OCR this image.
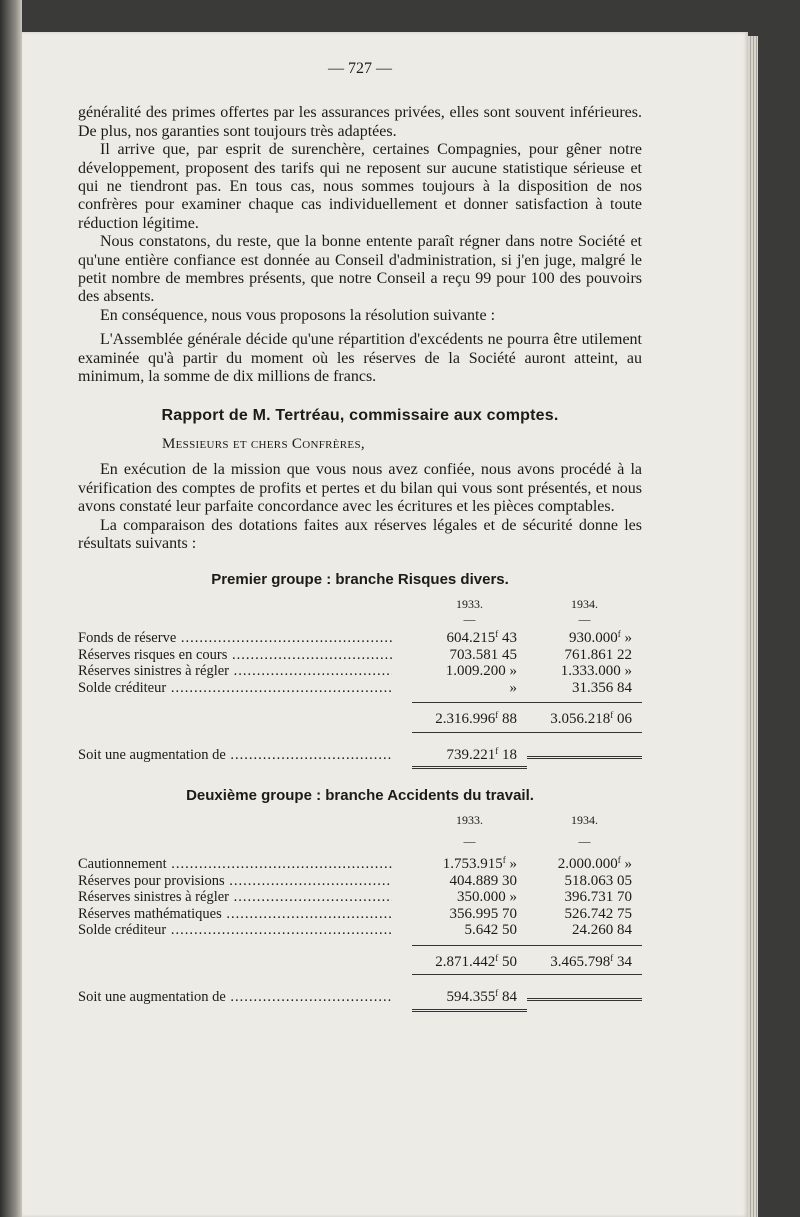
— 727 —

généralité des primes offertes par les assurances privées, elles sont souvent inférieures. De plus, nos garanties sont toujours très adaptées.

Il arrive que, par esprit de surenchère, certaines Compagnies, pour gêner notre développement, proposent des tarifs qui ne reposent sur aucune statistique sérieuse et qui ne tiendront pas. En tous cas, nous sommes toujours à la disposition de nos confrères pour examiner chaque cas individuellement et donner satisfaction à toute réduction légitime.

Nous constatons, du reste, que la bonne entente paraît régner dans notre Société et qu'une entière confiance est donnée au Conseil d'administration, si j'en juge, malgré le petit nombre de membres présents, que notre Conseil a reçu 99 pour 100 des pouvoirs des absents.

En conséquence, nous vous proposons la résolution suivante :

L'Assemblée générale décide qu'une répartition d'excédents ne pourra être utilement examinée qu'à partir du moment où les réserves de la Société auront atteint, au minimum, la somme de dix millions de francs.

Rapport de M. Tertréau, commissaire aux comptes.

Messieurs et chers Confrères,

En exécution de la mission que vous nous avez confiée, nous avons procédé à la vérification des comptes de profits et pertes et du bilan qui vous sont présentés, et nous avons constaté leur parfaite concordance avec les écritures et les pièces comptables.

La comparaison des dotations faites aux réserves légales et de sécurité donne les résultats suivants :

Premier groupe : branche Risques divers.
1933.	1934.
—	—
Fonds de réserve .....	604.215$^f$ 43	930.000$^f$ »
Réserves risques en cours .....	703.581 45	761.861 22
Réserves sinistres à régler .....	1.009.200 »	1.333.000 »
Solde créditeur .....	»	31.356 84
2.316.996$^f$ 88	3.056.218$^f$ 06
Soit une augmentation de .....	739.221$^f$ 18
Deuxième groupe : branche Accidents du travail.
1933.	1934.
—	—
Cautionnement .....	1.753.915$^f$ »	2.000.000$^f$ »
Réserves pour provisions .....	404.889 30	518.063 05
Réserves sinistres à régler .....	350.000 »	396.731 70
Réserves mathématiques .....	356.995 70	526.742 75
Solde créditeur .....	5.642 50	24.260 84
2.871.442$^f$ 50	3.465.798$^f$ 34
Soit une augmentation de .....	594.355$^f$ 84
